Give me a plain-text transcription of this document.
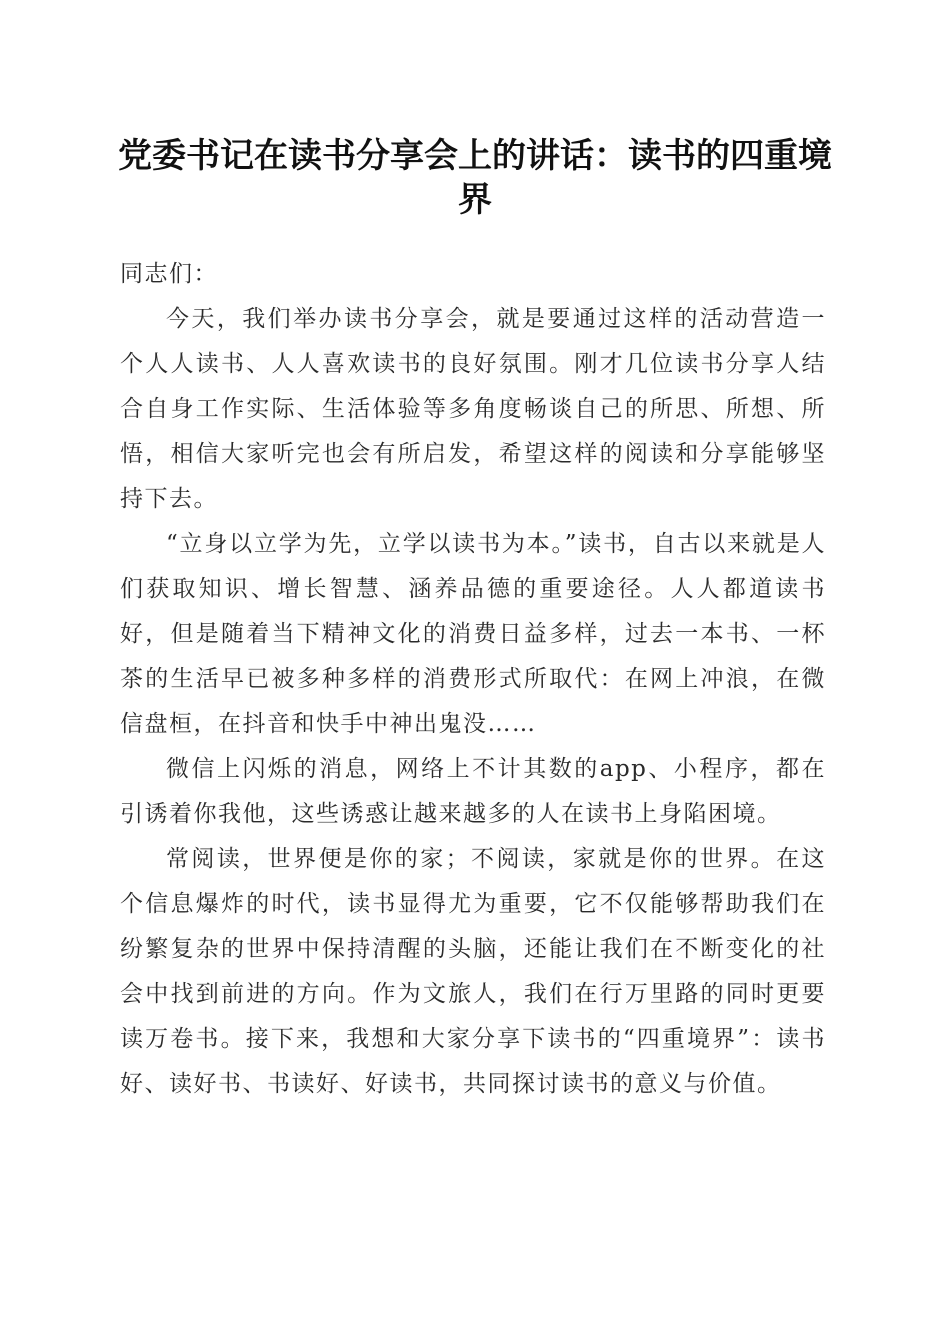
党委书记在读书分享会上的讲话：读书的四重境界

同志们：

今天，我们举办读书分享会，就是要通过这样的活动营造一个人人读书、人人喜欢读书的良好氛围。刚才几位读书分享人结合自身工作实际、生活体验等多角度畅谈自己的所思、所想、所悟，相信大家听完也会有所启发，希望这样的阅读和分享能够坚持下去。

“立身以立学为先，立学以读书为本。”读书，自古以来就是人们获取知识、增长智慧、涵养品德的重要途径。人人都道读书好，但是随着当下精神文化的消费日益多样，过去一本书、一杯茶的生活早已被多种多样的消费形式所取代：在网上冲浪，在微信盘桓，在抖音和快手中神出鬼没……

微信上闪烁的消息，网络上不计其数的app、小程序，都在引诱着你我他，这些诱惑让越来越多的人在读书上身陷困境。

常阅读，世界便是你的家；不阅读，家就是你的世界。在这个信息爆炸的时代，读书显得尤为重要，它不仅能够帮助我们在纷繁复杂的世界中保持清醒的头脑，还能让我们在不断变化的社会中找到前进的方向。作为文旅人，我们在行万里路的同时更要读万卷书。接下来，我想和大家分享下读书的“四重境界”：读书好、读好书、书读好、好读书，共同探讨读书的意义与价值。
